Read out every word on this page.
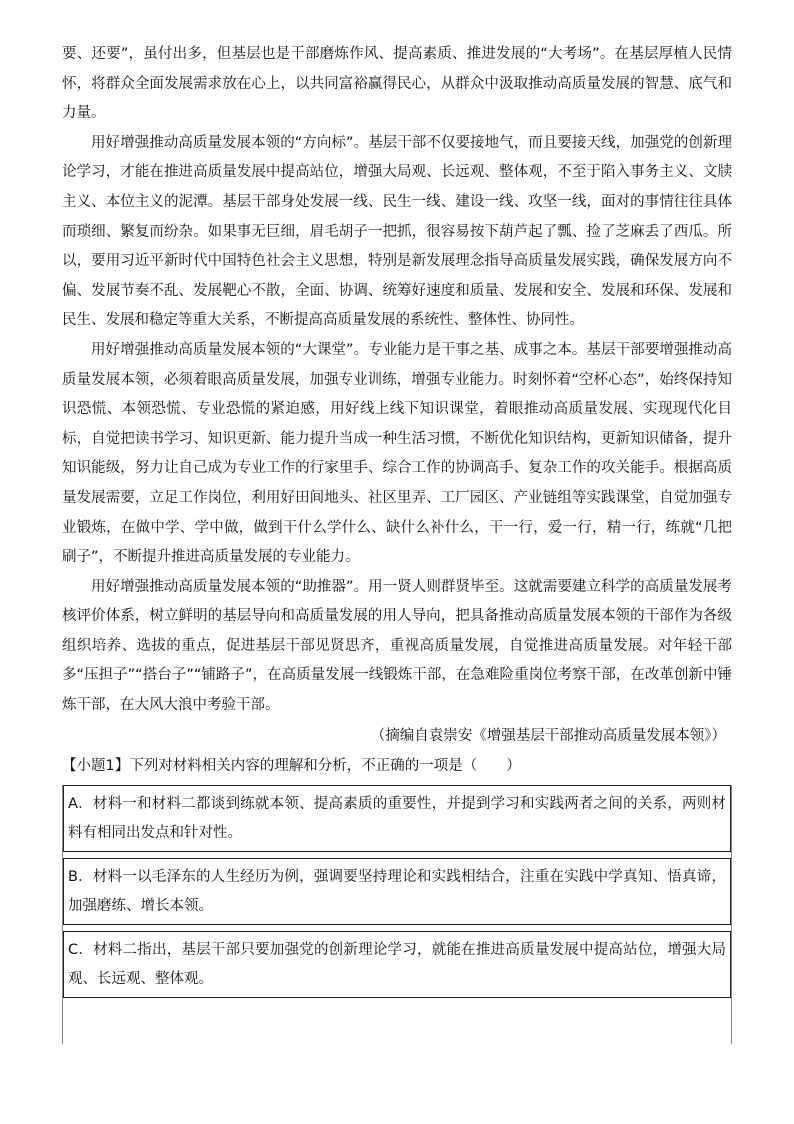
要、还要”，虽付出多，但基层也是干部磨炼作风、提高素质、推进发展的“大考场”。在基层厚植人民情怀，将群众全面发展需求放在心上，以共同富裕赢得民心，从群众中汲取推动高质量发展的智慧、底气和力量。

用好增强推动高质量发展本领的“方向标”。基层干部不仅要接地气，而且要接天线，加强党的创新理论学习，才能在推进高质量发展中提高站位，增强大局观、长远观、整体观，不至于陷入事务主义、文牍主义、本位主义的泥潭。基层干部身处发展一线、民生一线、建设一线、攻坚一线，面对的事情往往具体而琐细、繁复而纷杂。如果事无巨细，眉毛胡子一把抓，很容易按下葫芦起了瓢、捡了芝麻丢了西瓜。所以，要用习近平新时代中国特色社会主义思想，特别是新发展理念指导高质量发展实践，确保发展方向不偏、发展节奏不乱、发展靶心不散，全面、协调、统筹好速度和质量、发展和安全、发展和环保、发展和民生、发展和稳定等重大关系，不断提高高质量发展的系统性、整体性、协同性。

用好增强推动高质量发展本领的“大课堂”。专业能力是干事之基、成事之本。基层干部要增强推动高质量发展本领，必须着眼高质量发展，加强专业训练，增强专业能力。时刻怀着“空杯心态”，始终保持知识恐慌、本领恐慌、专业恐慌的紧迫感，用好线上线下知识课堂，着眼推动高质量发展、实现现代化目标，自觉把读书学习、知识更新、能力提升当成一种生活习惯，不断优化知识结构，更新知识储备，提升知识能级，努力让自己成为专业工作的行家里手、综合工作的协调高手、复杂工作的攻关能手。根据高质量发展需要，立足工作岗位，利用好田间地头、社区里弄、工厂园区、产业链组等实践课堂，自觉加强专业锻炼，在做中学、学中做，做到干什么学什么、缺什么补什么，干一行，爱一行，精一行，练就“几把刷子”，不断提升推进高质量发展的专业能力。

用好增强推动高质量发展本领的“助推器”。用一贤人则群贤毕至。这就需要建立科学的高质量发展考核评价体系，树立鲜明的基层导向和高质量发展的用人导向，把具备推动高质量发展本领的干部作为各级组织培养、选拔的重点，促进基层干部见贤思齐，重视高质量发展，自觉推进高质量发展。对年轻干部多“压担子”“搭台子”“铺路子”，在高质量发展一线锻炼干部，在急难险重岗位考察干部，在改革创新中锤炼干部，在大风大浪中考验干部。

（摘编自袁崇安《增强基层干部推动高质量发展本领》）

【小题1】下列对材料相关内容的理解和分析，不正确的一项是（　　）

A．材料一和材料二都谈到练就本领、提高素质的重要性，并提到学习和实践两者之间的关系，两则材料有相同出发点和针对性。
B．材料一以毛泽东的人生经历为例，强调要坚持理论和实践相结合，注重在实践中学真知、悟真谛，加强磨练、增长本领。
C．材料二指出，基层干部只要加强党的创新理论学习，就能在推进高质量发展中提高站位，增强大局观、长远观、整体观。
